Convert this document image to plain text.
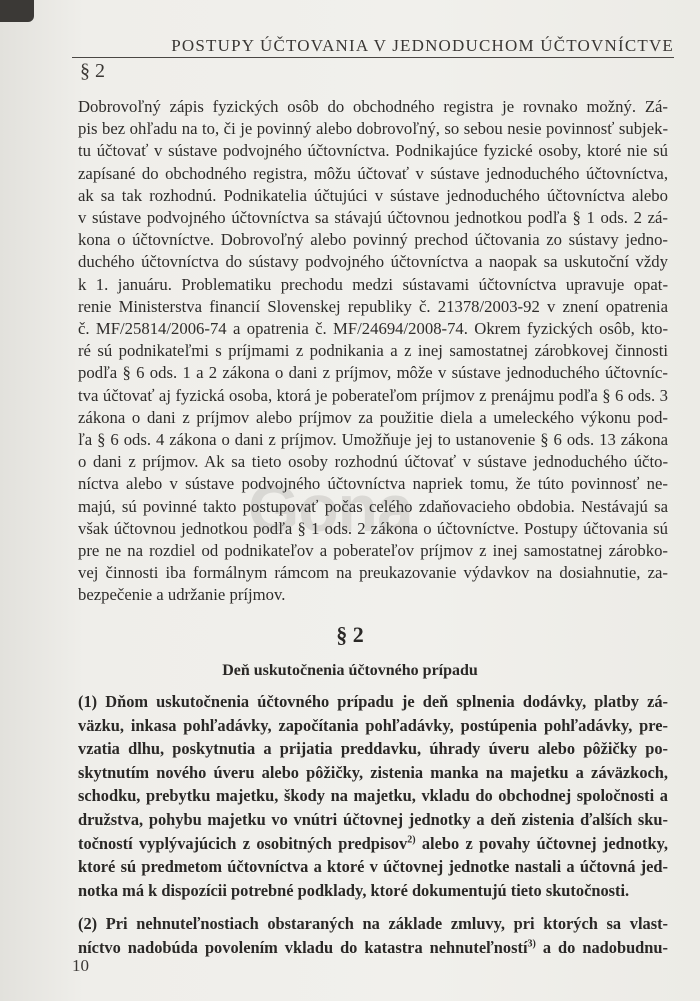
POSTUPY ÚČTOVANIA V JEDNODUCHOM ÚČTOVNÍCTVE
§ 2
Dobrovoľný zápis fyzických osôb do obchodného registra je rovnako možný. Zá-
pis bez ohľadu na to, či je povinný alebo dobrovoľný, so sebou nesie povinnosť subjek-
tu účtovať v sústave podvojného účtovníctva. Podnikajúce fyzické osoby, ktoré nie sú
zapísané do obchodného registra, môžu účtovať v sústave jednoduchého účtovníctva,
ak sa tak rozhodnú. Podnikatelia účtujúci v sústave jednoduchého účtovníctva alebo
v sústave podvojného účtovníctva sa stávajú účtovnou jednotkou podľa § 1 ods. 2 zá-
kona o účtovníctve. Dobrovoľný alebo povinný prechod účtovania zo sústavy jedno-
duchého účtovníctva do sústavy podvojného účtovníctva a naopak sa uskutoční vždy
k 1. januáru. Problematiku prechodu medzi sústavami účtovníctva upravuje opat-
renie Ministerstva financií Slovenskej republiky č. 21378/2003-92 v znení opatrenia
č. MF/25814/2006-74 a opatrenia č. MF/24694/2008-74. Okrem fyzických osôb, kto-
ré sú podnikateľmi s príjmami z podnikania a z inej samostatnej zárobkovej činnosti
podľa § 6 ods. 1 a 2 zákona o dani z príjmov, môže v sústave jednoduchého účtovníc-
tva účtovať aj fyzická osoba, ktorá je poberateľom príjmov z prenájmu podľa § 6 ods. 3
zákona o dani z príjmov alebo príjmov za použitie diela a umeleckého výkonu pod-
ľa § 6 ods. 4 zákona o dani z príjmov. Umožňuje jej to ustanovenie § 6 ods. 13 zákona
o dani z príjmov. Ak sa tieto osoby rozhodnú účtovať v sústave jednoduchého účto-
níctva alebo v sústave podvojného účtovníctva napriek tomu, že túto povinnosť ne-
majú, sú povinné takto postupovať počas celého zdaňovacieho obdobia. Nestávajú sa
však účtovnou jednotkou podľa § 1 ods. 2 zákona o účtovníctve. Postupy účtovania sú
pre ne na rozdiel od podnikateľov a poberateľov príjmov z inej samostatnej zárobko-
vej činnosti iba formálnym rámcom na preukazovanie výdavkov na dosiahnutie, za-
bezpečenie a udržanie príjmov.
§ 2
Deň uskutočnenia účtovného prípadu
(1) Dňom uskutočnenia účtovného prípadu je deň splnenia dodávky, platby zá-
väzku, inkasa pohľadávky, započítania pohľadávky, postúpenia pohľadávky, pre-
vzatia dlhu, poskytnutia a prijatia preddavku, úhrady úveru alebo pôžičky po-
skytnutím nového úveru alebo pôžičky, zistenia manka na majetku a záväzkoch,
schodku, prebytku majetku, škody na majetku, vkladu do obchodnej spoločnosti a
družstva, pohybu majetku vo vnútri účtovnej jednotky a deň zistenia ďalších sku-
točností vyplývajúcich z osobitných predpisov$^{2)}$ alebo z povahy účtovnej jednotky,
ktoré sú predmetom účtovníctva a ktoré v účtovnej jednotke nastali a účtovná jed-
notka má k dispozícii potrebné podklady, ktoré dokumentujú tieto skutočnosti.
(2) Pri nehnuteľnostiach obstaraných na základe zmluvy, pri ktorých sa vlast-
níctvo nadobúda povolením vkladu do katastra nehnuteľností$^{3)}$ a do nadobudnu-
Gona
10
